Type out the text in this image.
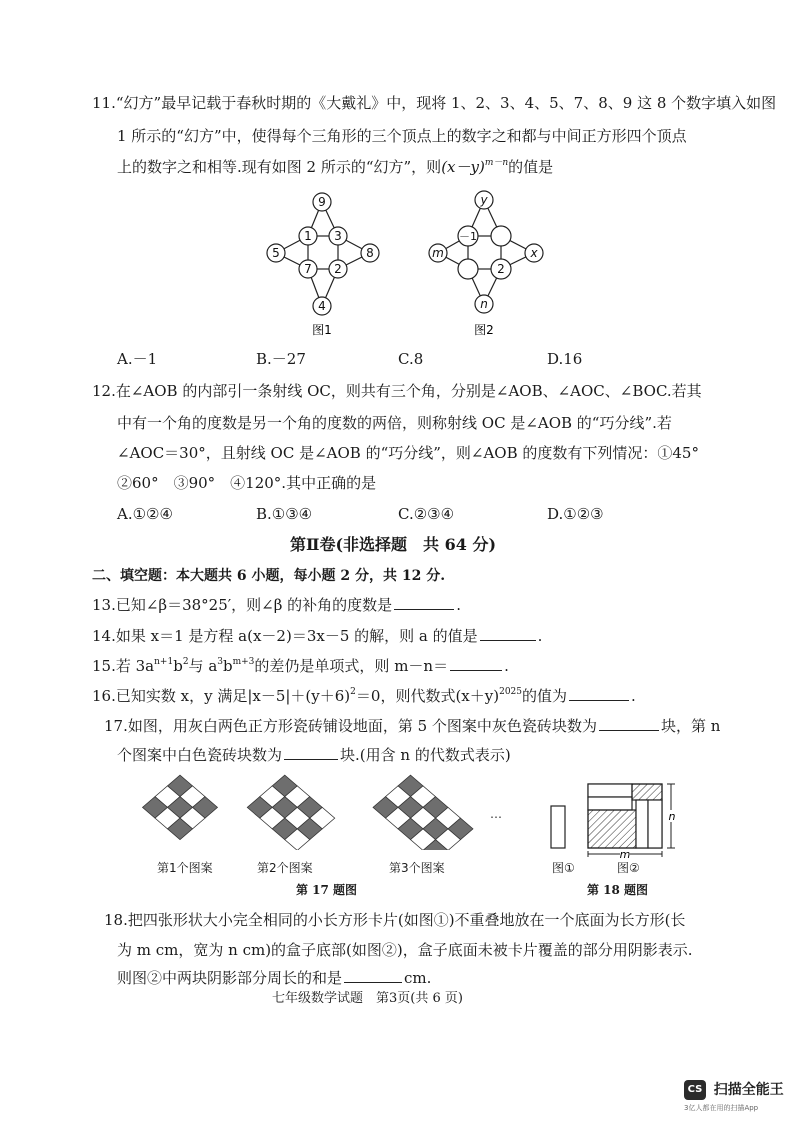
11.“幻方”最早记载于春秋时期的《大戴礼》中，现将 1、2、3、4、5、7、8、9 这 8 个数字填入如图
1 所示的“幻方”中，使得每个三角形的三个顶点上的数字之和都与中间正方形四个顶点
上的数字之和相等.现有如图 2 所示的“幻方”，则$(x-y)^{m-n}$的值是
9
1 3
5	8
7 2
4
图1
y
－1
m	x
2
n
图2
A.－1	B.－27	C.8	D.16
12.在∠AOB 的内部引一条射线 OC，则共有三个角，分别是∠AOB、∠AOC、∠BOC.若其
中有一个角的度数是另一个角的度数的两倍，则称射线 OC 是∠AOB 的“巧分线”.若
∠AOC＝30°，且射线 OC 是∠AOB 的“巧分线”，则∠AOB 的度数有下列情况：①45°
②60°　③90°　④120°.其中正确的是
A.①②④	B.①③④	C.②③④	D.①②③
第Ⅱ卷(非选择题　共 64 分)
二、填空题：本大题共 6 小题，每小题 2 分，共 12 分.
13.已知∠β＝38°25′，则∠β 的补角的度数是	.
14.如果 x＝1 是方程 a(x－2)＝3x－5 的解，则 a 的值是	.
15.若 $3a^{n+1}b^2$与 $a^3b^{m+3}$的差仍是单项式，则 m－n＝	.
16.已知实数 x，y 满足$|x-5|+(y+6)^2=0$，则代数式$(x+y)^{2025}$的值为	.
17.如图，用灰白两色正方形瓷砖铺设地面，第 5 个图案中灰色瓷砖块数为	块，第 n
个图案中白色瓷砖块数为	块.(用含 n 的代数式表示)
…
第1个图案	第2个图案	第3个图案
第 17 题图
n
m
图①	图②
第 18 题图
18.把四张形状大小完全相同的小长方形卡片(如图①)不重叠地放在一个底面为长方形(长
为 m cm，宽为 n cm)的盒子底部(如图②)，盒子底面未被卡片覆盖的部分用阴影表示.
则图②中两块阴影部分周长的和是	cm.
七年级数学试题　第3页(共 6 页)
CS 扫描全能王
3亿人都在用的扫描App
